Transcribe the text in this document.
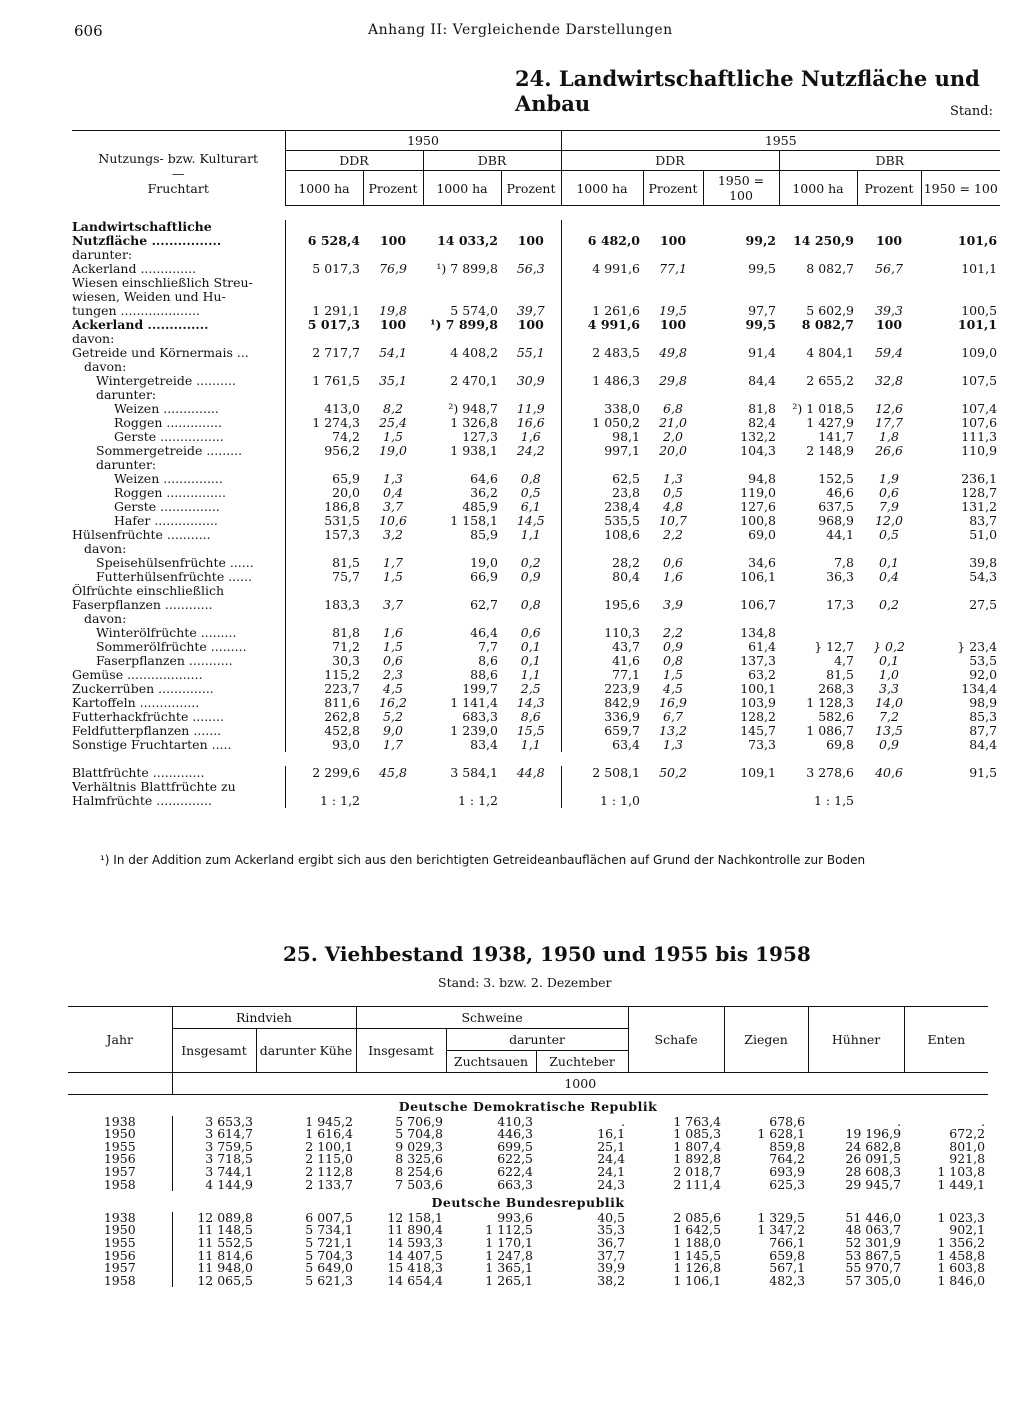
606	Anhang II: Vergleichende Darstellungen
24. Landwirtschaftliche Nutzfläche und Anbau	Stand:
Nutzungs- bzw. Kulturart
—
Fruchtart	1950				1955					
	DDR		DBR		DDR			DBR		
	1000 ha	Prozent	1000 ha	Prozent	1000 ha	Prozent	1950 = 100	1000 ha	Prozent	1950 = 100

Landwirtschaftliche										
Nutzfläche ................	6 528,4	100	14 033,2	100	6 482,0	100	99,2	14 250,9	100	101,6
darunter:										
Ackerland ..............	5 017,3	76,9	¹) 7 899,8	56,3	4 991,6	77,1	99,5	8 082,7	56,7	101,1
Wiesen einschließlich Streu-										
wiesen, Weiden und Hu-										
tungen ....................	1 291,1	19,8	5 574,0	39,7	1 261,6	19,5	97,7	5 602,9	39,3	100,5
Ackerland ..............	5 017,3	100	¹) 7 899,8	100	4 991,6	100	99,5	8 082,7	100	101,1
davon:										
Getreide und Körnermais ...	2 717,7	54,1	4 408,2	55,1	2 483,5	49,8	91,4	4 804,1	59,4	109,0
davon:										
Wintergetreide ..........	1 761,5	35,1	2 470,1	30,9	1 486,3	29,8	84,4	2 655,2	32,8	107,5
darunter:										
Weizen ..............	413,0	8,2	²) 948,7	11,9	338,0	6,8	81,8	²) 1 018,5	12,6	107,4
Roggen ..............	1 274,3	25,4	1 326,8	16,6	1 050,2	21,0	82,4	1 427,9	17,7	107,6
Gerste ................	74,2	1,5	127,3	1,6	98,1	2,0	132,2	141,7	1,8	111,3
Sommergetreide .........	956,2	19,0	1 938,1	24,2	997,1	20,0	104,3	2 148,9	26,6	110,9
darunter:										
Weizen ...............	65,9	1,3	64,6	0,8	62,5	1,3	94,8	152,5	1,9	236,1
Roggen ...............	20,0	0,4	36,2	0,5	23,8	0,5	119,0	46,6	0,6	128,7
Gerste ...............	186,8	3,7	485,9	6,1	238,4	4,8	127,6	637,5	7,9	131,2
Hafer ................	531,5	10,6	1 158,1	14,5	535,5	10,7	100,8	968,9	12,0	83,7
Hülsenfrüchte ...........	157,3	3,2	85,9	1,1	108,6	2,2	69,0	44,1	0,5	51,0
davon:										
Speisehülsenfrüchte ......	81,5	1,7	19,0	0,2	28,2	0,6	34,6	7,8	0,1	39,8
Futterhülsenfrüchte ......	75,7	1,5	66,9	0,9	80,4	1,6	106,1	36,3	0,4	54,3
Ölfrüchte einschließlich										
Faserpflanzen ............	183,3	3,7	62,7	0,8	195,6	3,9	106,7	17,3	0,2	27,5
davon:										
Winterölfrüchte .........	81,8	1,6	46,4	0,6	110,3	2,2	134,8			
Sommerölfrüchte .........	71,2	1,5	7,7	0,1	43,7	0,9	61,4	} 12,7	} 0,2	} 23,4
Faserpflanzen ...........	30,3	0,6	8,6	0,1	41,6	0,8	137,3	4,7	0,1	53,5
Gemüse ...................	115,2	2,3	88,6	1,1	77,1	1,5	63,2	81,5	1,0	92,0
Zuckerrüben ..............	223,7	4,5	199,7	2,5	223,9	4,5	100,1	268,3	3,3	134,4
Kartoffeln ...............	811,6	16,2	1 141,4	14,3	842,9	16,9	103,9	1 128,3	14,0	98,9
Futterhackfrüchte ........	262,8	5,2	683,3	8,6	336,9	6,7	128,2	582,6	7,2	85,3
Feldfutterpflanzen .......	452,8	9,0	1 239,0	15,5	659,7	13,2	145,7	1 086,7	13,5	87,7
Sonstige Fruchtarten .....	93,0	1,7	83,4	1,1	63,4	1,3	73,3	69,8	0,9	84,4

Blattfrüchte .............	2 299,6	45,8	3 584,1	44,8	2 508,1	50,2	109,1	3 278,6	40,6	91,5
Verhältnis Blattfrüchte zu										
Halmfrüchte ..............	1 : 1,2		1 : 1,2		1 : 1,0			1 : 1,5		
¹) In der Addition zum Ackerland ergibt sich aus den berichtigten Getreideanbauflächen auf Grund der Nachkontrolle zur Boden
25. Viehbestand 1938, 1950 und 1955 bis 1958
Stand: 3. bzw. 2. Dezember
Jahr	Rindvieh		Schweine			Schafe	Ziegen	Hühner	Enten
	Insgesamt	darunter Kühe	Insgesamt	darunter					
				Zuchtsauen	Zuchteber				
	1000								
Deutsche Demokratische Republik									
1938	3 653,3	1 945,2	5 706,9	410,3	.	1 763,4	678,6	.	.
1950	3 614,7	1 616,4	5 704,8	446,3	16,1	1 085,3	1 628,1	19 196,9	672,2
1955	3 759,5	2 100,1	9 029,3	699,5	25,1	1 807,4	859,8	24 682,8	801,0
1956	3 718,5	2 115,0	8 325,6	622,5	24,4	1 892,8	764,2	26 091,5	921,8
1957	3 744,1	2 112,8	8 254,6	622,4	24,1	2 018,7	693,9	28 608,3	1 103,8
1958	4 144,9	2 133,7	7 503,6	663,3	24,3	2 111,4	625,3	29 945,7	1 449,1
Deutsche Bundesrepublik									
1938	12 089,8	6 007,5	12 158,1	993,6	40,5	2 085,6	1 329,5	51 446,0	1 023,3
1950	11 148,5	5 734,1	11 890,4	1 112,5	35,3	1 642,5	1 347,2	48 063,7	902,1
1955	11 552,5	5 721,1	14 593,3	1 170,1	36,7	1 188,0	766,1	52 301,9	1 356,2
1956	11 814,6	5 704,3	14 407,5	1 247,8	37,7	1 145,5	659,8	53 867,5	1 458,8
1957	11 948,0	5 649,0	15 418,3	1 365,1	39,9	1 126,8	567,1	55 970,7	1 603,8
1958	12 065,5	5 621,3	14 654,4	1 265,1	38,2	1 106,1	482,3	57 305,0	1 846,0
